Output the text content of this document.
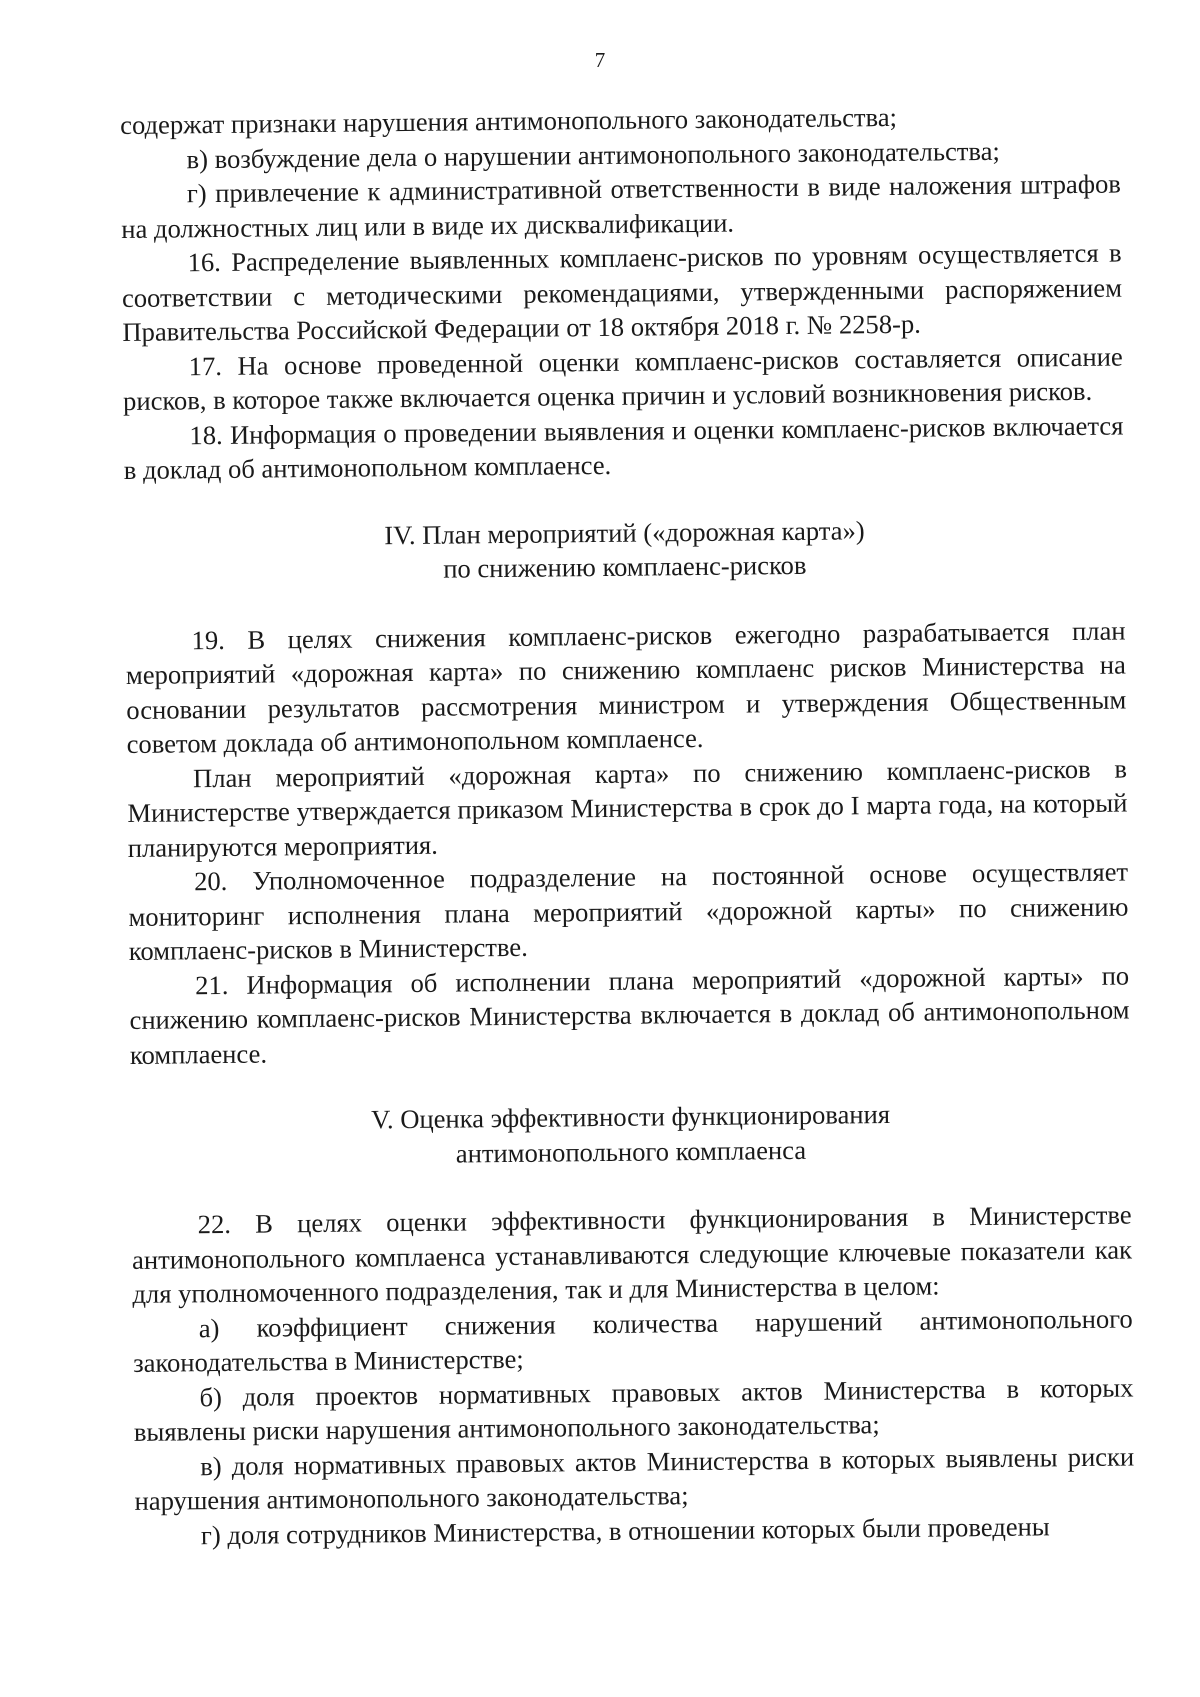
7

содержат признаки нарушения антимонопольного законодательства;

в) возбуждение дела о нарушении антимонопольного законодательства;

г) привлечение к административной ответственности в виде наложения штрафов на должностных лиц или в виде их дисквалификации.

16. Распределение выявленных комплаенс-рисков по уровням осуществляется в соответствии с методическими рекомендациями, утвержденными распоряжением Правительства Российской Федерации от 18 октября 2018 г. № 2258-р.

17. На основе проведенной оценки комплаенс-рисков составляется описание рисков, в которое также включается оценка причин и условий возникновения рисков.

18. Информация о проведении выявления и оценки комплаенс-рисков включается в доклад об антимонопольном комплаенсе.

IV. План мероприятий («дорожная карта»)

по снижению комплаенс-рисков

19. В целях снижения комплаенс-рисков ежегодно разрабатывается план мероприятий «дорожная карта» по снижению комплаенс рисков Министерства на основании результатов рассмотрения министром и утверждения Общественным советом доклада об антимонопольном комплаенсе.

План мероприятий «дорожная карта» по снижению комплаенс-рисков в Министерстве утверждается приказом Министерства в срок до I марта года, на который планируются мероприятия.

20. Уполномоченное подразделение на постоянной основе осуществляет мониторинг исполнения плана мероприятий «дорожной карты» по снижению комплаенс-рисков в Министерстве.

21. Информация об исполнении плана мероприятий «дорожной карты» по снижению комплаенс-рисков Министерства включается в доклад об антимонопольном комплаенсе.

V. Оценка эффективности функционирования

антимонопольного комплаенса

22. В целях оценки эффективности функционирования в Министерстве антимонопольного комплаенса устанавливаются следующие ключевые показатели как для уполномоченного подразделения, так и для Министерства в целом:

а) коэффициент снижения количества нарушений антимонопольного законодательства в Министерстве;

б) доля проектов нормативных правовых актов Министерства в которых выявлены риски нарушения антимонопольного законодательства;

в) доля нормативных правовых актов Министерства в которых выявлены риски нарушения антимонопольного законодательства;

г) доля сотрудников Министерства, в отношении которых были проведены
